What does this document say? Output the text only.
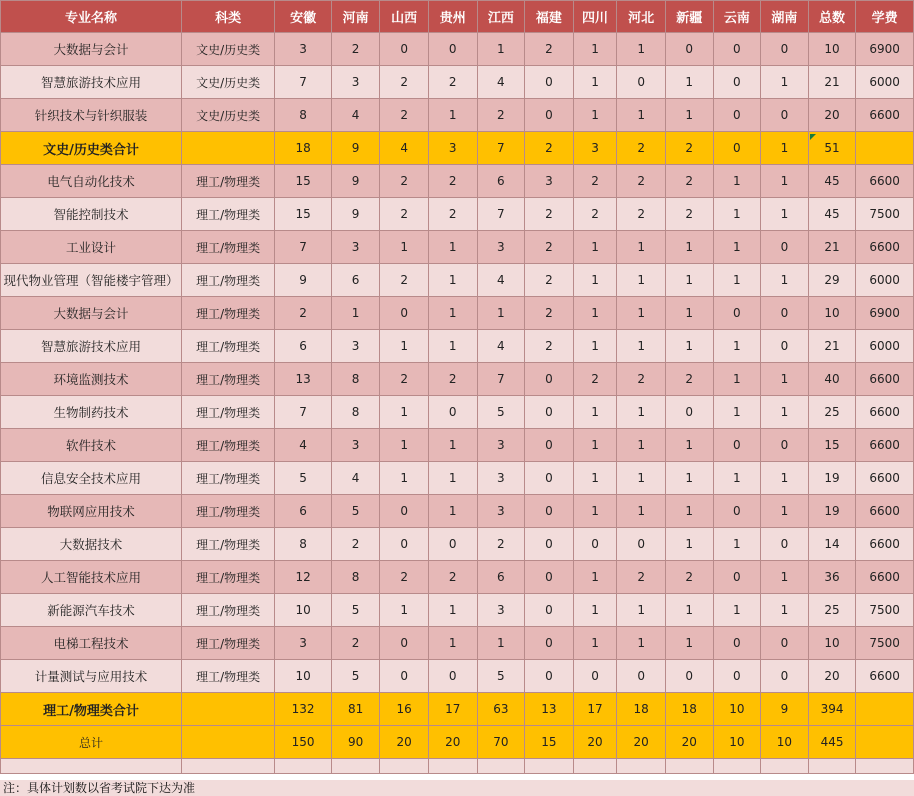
专业名称	科类	安徽	河南	山西	贵州	江西	福建	四川	河北	新疆	云南	湖南	总数	学费
大数据与会计	文史/历史类	3	2	0	0	1	2	1	1	0	0	0	10	6900
智慧旅游技术应用	文史/历史类	7	3	2	2	4	0	1	0	1	0	1	21	6000
针织技术与针织服装	文史/历史类	8	4	2	1	2	0	1	1	1	0	0	20	6600
文史/历史类合计		18	9	4	3	7	2	3	2	2	0	1	51	
电气自动化技术	理工/物理类	15	9	2	2	6	3	2	2	2	1	1	45	6600
智能控制技术	理工/物理类	15	9	2	2	7	2	2	2	2	1	1	45	7500
工业设计	理工/物理类	7	3	1	1	3	2	1	1	1	1	0	21	6600
现代物业管理（智能楼宇管理）	理工/物理类	9	6	2	1	4	2	1	1	1	1	1	29	6000
大数据与会计	理工/物理类	2	1	0	1	1	2	1	1	1	0	0	10	6900
智慧旅游技术应用	理工/物理类	6	3	1	1	4	2	1	1	1	1	0	21	6000
环境监测技术	理工/物理类	13	8	2	2	7	0	2	2	2	1	1	40	6600
生物制药技术	理工/物理类	7	8	1	0	5	0	1	1	0	1	1	25	6600
软件技术	理工/物理类	4	3	1	1	3	0	1	1	1	0	0	15	6600
信息安全技术应用	理工/物理类	5	4	1	1	3	0	1	1	1	1	1	19	6600
物联网应用技术	理工/物理类	6	5	0	1	3	0	1	1	1	0	1	19	6600
大数据技术	理工/物理类	8	2	0	0	2	0	0	0	1	1	0	14	6600
人工智能技术应用	理工/物理类	12	8	2	2	6	0	1	2	2	0	1	36	6600
新能源汽车技术	理工/物理类	10	5	1	1	3	0	1	1	1	1	1	25	7500
电梯工程技术	理工/物理类	3	2	0	1	1	0	1	1	1	0	0	10	7500
计量测试与应用技术	理工/物理类	10	5	0	0	5	0	0	0	0	0	0	20	6600
理工/物理类合计		132	81	16	17	63	13	17	18	18	10	9	394	
总计		150	90	20	20	70	15	20	20	20	10	10	445	

注：具体计划数以省考试院下达为准
